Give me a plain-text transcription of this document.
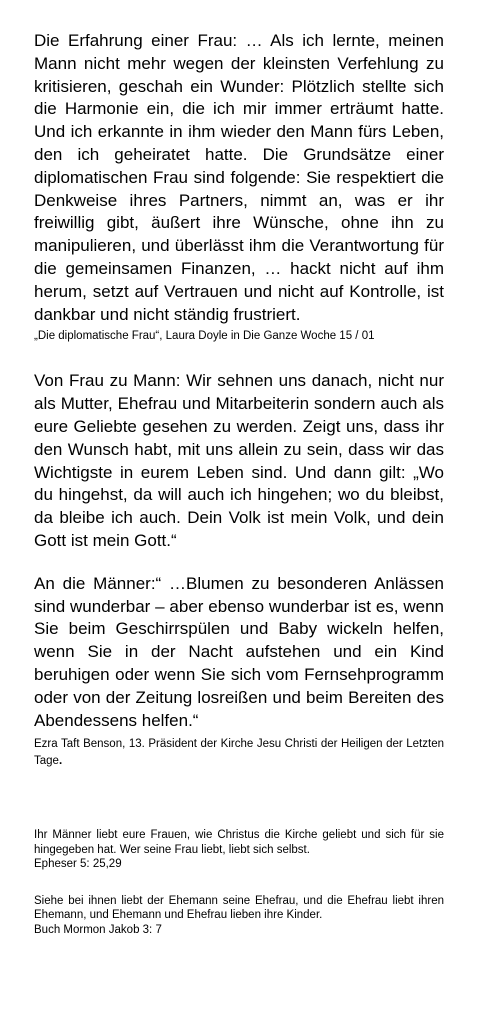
Die Erfahrung einer Frau: … Als ich lernte, meinen Mann nicht mehr wegen der kleinsten Verfehlung zu kritisieren, geschah ein Wunder: Plötzlich stellte sich die Harmonie ein, die ich mir immer erträumt hatte. Und ich erkannte in ihm wieder den Mann fürs Leben, den ich geheiratet hatte. Die Grundsätze einer diplomatischen Frau sind folgende: Sie respektiert die Denkweise ihres Partners, nimmt an, was er ihr freiwillig gibt, äußert ihre Wünsche, ohne ihn zu manipulieren, und überlässt ihm die Verantwortung für die gemeinsamen Finanzen, … hackt nicht auf ihm herum, setzt auf Vertrauen und nicht auf Kontrolle, ist dankbar und nicht ständig frustriert.

„Die diplomatische Frau“, Laura Doyle in Die Ganze Woche 15 / 01

Von Frau zu Mann: Wir sehnen uns danach, nicht nur als Mutter, Ehefrau und Mitarbeiterin sondern auch als eure Geliebte gesehen zu werden. Zeigt uns, dass ihr den Wunsch habt, mit uns allein zu sein, dass wir das Wichtigste in eurem Leben sind. Und dann gilt: „Wo du hingehst, da will auch ich hingehen; wo du bleibst, da bleibe ich auch. Dein Volk ist mein Volk, und dein Gott ist mein Gott.“

An die Männer:“ …Blumen zu besonderen Anlässen sind wunderbar – aber ebenso wunderbar ist es, wenn Sie beim Geschirrspülen und Baby wickeln helfen, wenn Sie in der Nacht aufstehen und ein Kind beruhigen oder wenn Sie sich vom Fernsehprogramm oder von der Zeitung losreißen und beim Bereiten des Abendessens helfen.“

Ezra Taft Benson, 13. Präsident der Kirche Jesu Christi der Heiligen der Letzten Tage.

Ihr Männer liebt eure Frauen, wie Christus die Kirche geliebt und sich für sie hingegeben hat. Wer seine Frau liebt, liebt sich selbst.

Epheser 5: 25,29

Siehe bei ihnen liebt der Ehemann seine Ehefrau, und die Ehefrau liebt ihren Ehemann, und Ehemann und Ehefrau lieben ihre Kinder.

Buch Mormon Jakob 3: 7
